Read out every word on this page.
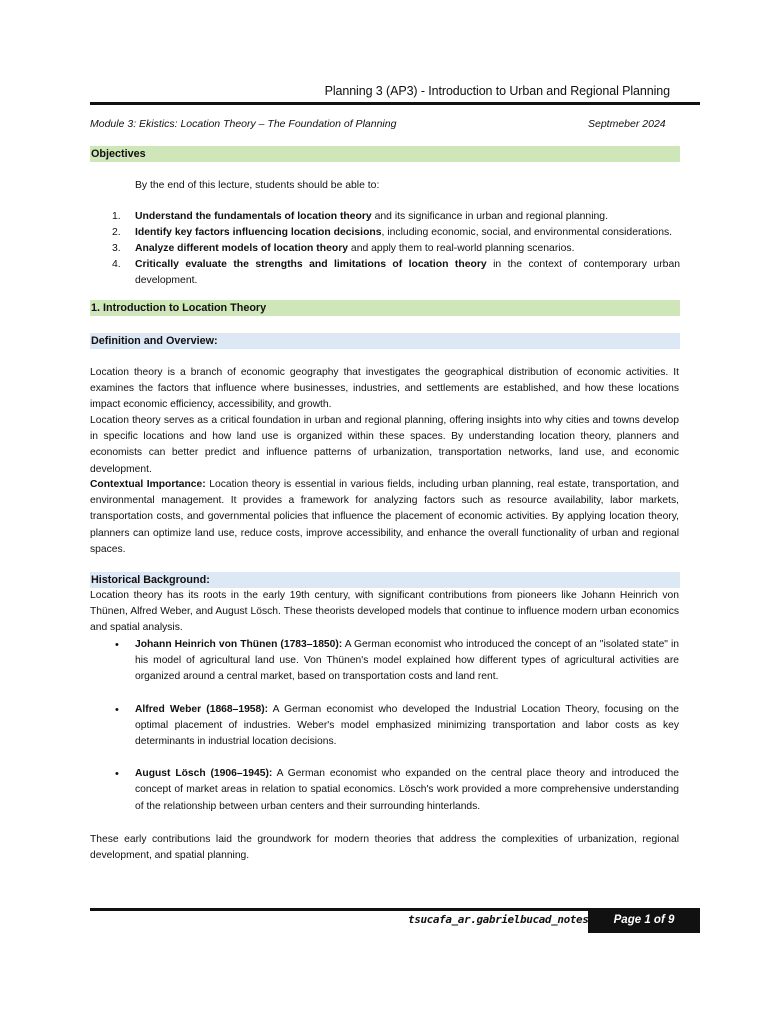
Planning 3 (AP3) - Introduction to Urban and Regional Planning
Module 3: Ekistics: Location Theory – The Foundation of Planning	Septmeber 2024
Objectives
By the end of this lecture, students should be able to:
1. Understand the fundamentals of location theory and its significance in urban and regional planning.
2. Identify key factors influencing location decisions, including economic, social, and environmental considerations.
3. Analyze different models of location theory and apply them to real-world planning scenarios.
4. Critically evaluate the strengths and limitations of location theory in the context of contemporary urban development.
1. Introduction to Location Theory
Definition and Overview:

Location theory is a branch of economic geography that investigates the geographical distribution of economic activities. It examines the factors that influence where businesses, industries, and settlements are established, and how these locations impact economic efficiency, accessibility, and growth.

Location theory serves as a critical foundation in urban and regional planning, offering insights into why cities and towns develop in specific locations and how land use is organized within these spaces. By understanding location theory, planners and economists can better predict and influence patterns of urbanization, transportation networks, land use, and economic development.

Contextual Importance: Location theory is essential in various fields, including urban planning, real estate, transportation, and environmental management. It provides a framework for analyzing factors such as resource availability, labor markets, transportation costs, and governmental policies that influence the placement of economic activities. By applying location theory, planners can optimize land use, reduce costs, improve accessibility, and enhance the overall functionality of urban and regional spaces.

Historical Background:

Location theory has its roots in the early 19th century, with significant contributions from pioneers like Johann Heinrich von Thünen, Alfred Weber, and August Lösch. These theorists developed models that continue to influence modern urban economics and spatial analysis.

• Johann Heinrich von Thünen (1783–1850): A German economist who introduced the concept of an "isolated state" in his model of agricultural land use. Von Thünen's model explained how different types of agricultural activities are organized around a central market, based on transportation costs and land rent.
• Alfred Weber (1868–1958): A German economist who developed the Industrial Location Theory, focusing on the optimal placement of industries. Weber's model emphasized minimizing transportation and labor costs as key determinants in industrial location decisions.
• August Lösch (1906–1945): A German economist who expanded on the central place theory and introduced the concept of market areas in relation to spatial economics. Lösch's work provided a more comprehensive understanding of the relationship between urban centers and their surrounding hinterlands.

These early contributions laid the groundwork for modern theories that address the complexities of urbanization, regional development, and spatial planning.

tsucafa_ar.gabrielbucad_notes	Page 1 of 9
